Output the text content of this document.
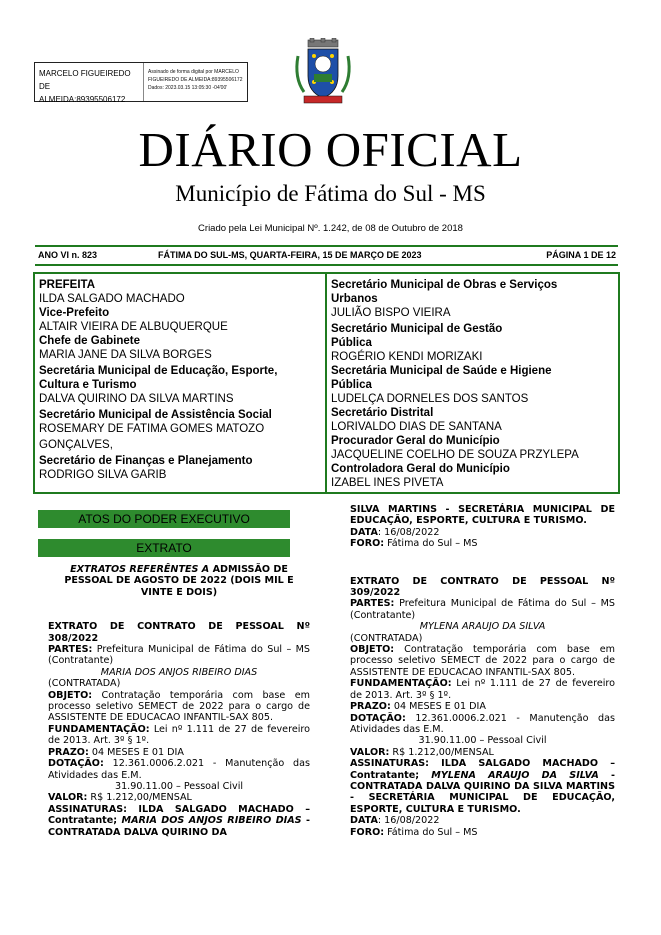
MARCELO FIGUEIREDO DE
ALMEIDA:89395506172
Assinado de forma digital por MARCELO
FIGUEIREDO DE ALMEIDA:89395506172
Dados: 2023.03.15 13:05:30 -04'00'
DIÁRIO OFICIAL
Município de Fátima do Sul - MS
Criado pela Lei Municipal Nº. 1.242, de 08 de Outubro de 2018
ANO VI n. 823	FÁTIMA DO SUL-MS, QUARTA-FEIRA, 15 DE MARÇO DE 2023	PÁGINA 1 DE 12
PREFEITA
ILDA SALGADO MACHADO
Vice-Prefeito
ALTAIR VIEIRA DE ALBUQUERQUE
Chefe de Gabinete
MARIA JANE DA SILVA BORGES
Secretária Municipal de Educação, Esporte,
Cultura e Turismo
DALVA QUIRINO DA SILVA MARTINS
Secretário Municipal de Assistência Social
ROSEMARY DE FATIMA GOMES MATOZO
GONÇALVES,
Secretário de Finanças e Planejamento
RODRIGO SILVA GARIB
Secretário Municipal de Obras e Serviços
Urbanos
JULIÃO BISPO VIEIRA
Secretário Municipal de Gestão
Pública
ROGÉRIO KENDI MORIZAKI
Secretária Municipal de Saúde e Higiene
Pública
LUDELÇA DORNELES DOS SANTOS
Secretário Distrital
LORIVALDO DIAS DE SANTANA
Procurador Geral do Município
JACQUELINE COELHO DE SOUZA PRZYLEPA
Controladora Geral do Município
IZABEL INES PIVETA
ATOS DO PODER EXECUTIVO
EXTRATO

EXTRATOS REFERÊNTES A ADMISSÃO DE PESSOAL DE AGOSTO DE 2022 (DOIS MIL E VINTE E DOIS)

EXTRATO DE CONTRATO DE PESSOAL Nº 308/2022

PARTES: Prefeitura Municipal de Fátima do Sul – MS (Contratante)

MARIA DOS ANJOS RIBEIRO DIAS

(CONTRATADA)

OBJETO: Contratação temporária com base em processo seletivo SEMECT de 2022 para o cargo de ASSISTENTE DE EDUCACAO INFANTIL-SAX 805.

FUNDAMENTAÇÃO: Lei nº 1.111 de 27 de fevereiro de 2013. Art. 3º § 1º.

PRAZO: 04 MESES E 01 DIA

DOTAÇÃO: 12.361.0006.2.021 - Manutenção das Atividades das E.M.

31.90.11.00 – Pessoal Civil

VALOR: R$ 1.212,00/MENSAL

ASSINATURAS: ILDA SALGADO MACHADO – Contratante; MARIA DOS ANJOS RIBEIRO DIAS - CONTRATADA DALVA QUIRINO DA

SILVA MARTINS - SECRETÁRIA MUNICIPAL DE EDUCAÇÃO, ESPORTE, CULTURA E TURISMO.

DATA: 16/08/2022

FORO: Fátima do Sul – MS

EXTRATO DE CONTRATO DE PESSOAL Nº 309/2022

PARTES: Prefeitura Municipal de Fátima do Sul – MS (Contratante)

MYLENA ARAUJO DA SILVA

(CONTRATADA)

OBJETO: Contratação temporária com base em processo seletivo SEMECT de 2022 para o cargo de ASSISTENTE DE EDUCACAO INFANTIL-SAX 805.

FUNDAMENTAÇÃO: Lei nº 1.111 de 27 de fevereiro de 2013. Art. 3º § 1º.

PRAZO: 04 MESES E 01 DIA

DOTAÇÃO: 12.361.0006.2.021 - Manutenção das Atividades das E.M.

31.90.11.00 – Pessoal Civil

VALOR: R$ 1.212,00/MENSAL

ASSINATURAS: ILDA SALGADO MACHADO – Contratante; MYLENA ARAUJO DA SILVA - CONTRATADA DALVA QUIRINO DA SILVA MARTINS - SECRETÁRIA MUNICIPAL DE EDUCAÇÃO, ESPORTE, CULTURA E TURISMO.

DATA: 16/08/2022

FORO: Fátima do Sul – MS
